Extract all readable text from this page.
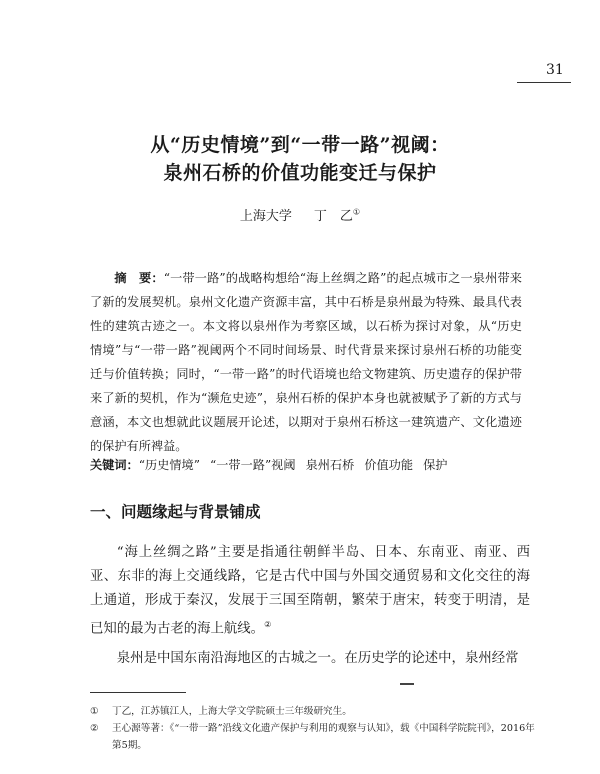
31
从“历史情境”到“一带一路”视阈：
泉州石桥的价值功能变迁与保护
上海大学 丁　乙①
摘　要：“一带一路”的战略构想给“海上丝绸之路”的起点城市之一泉州带来了新的发展契机。泉州文化遗产资源丰富，其中石桥是泉州最为特殊、最具代表性的建筑古迹之一。本文将以泉州作为考察区域，以石桥为探讨对象，从“历史情境”与“一带一路”视阈两个不同时间场景、时代背景来探讨泉州石桥的功能变迁与价值转换；同时，“一带一路”的时代语境也给文物建筑、历史遗存的保护带来了新的契机，作为“濒危史迹”，泉州石桥的保护本身也就被赋予了新的方式与意涵，本文也想就此议题展开论述，以期对于泉州石桥这一建筑遗产、文化遗迹的保护有所裨益。
关键词：“历史情境” “一带一路”视阈 泉州石桥 价值功能 保护
一、问题缘起与背景铺成

“海上丝绸之路”主要是指通往朝鲜半岛、日本、东南亚、南亚、西亚、东非的海上交通线路，它是古代中国与外国交通贸易和文化交往的海上通道，形成于秦汉，发展于三国至隋朝，繁荣于唐宋，转变于明清，是已知的最为古老的海上航线。②

泉州是中国东南沿海地区的古城之一。在历史学的论述中，泉州经常

①	丁乙，江苏镇江人，上海大学文学院硕士三年级研究生。
②	王心源等著：《“一带一路”沿线文化遗产保护与利用的观察与认知》，载《中国科学院院刊》，2016年第5期。
